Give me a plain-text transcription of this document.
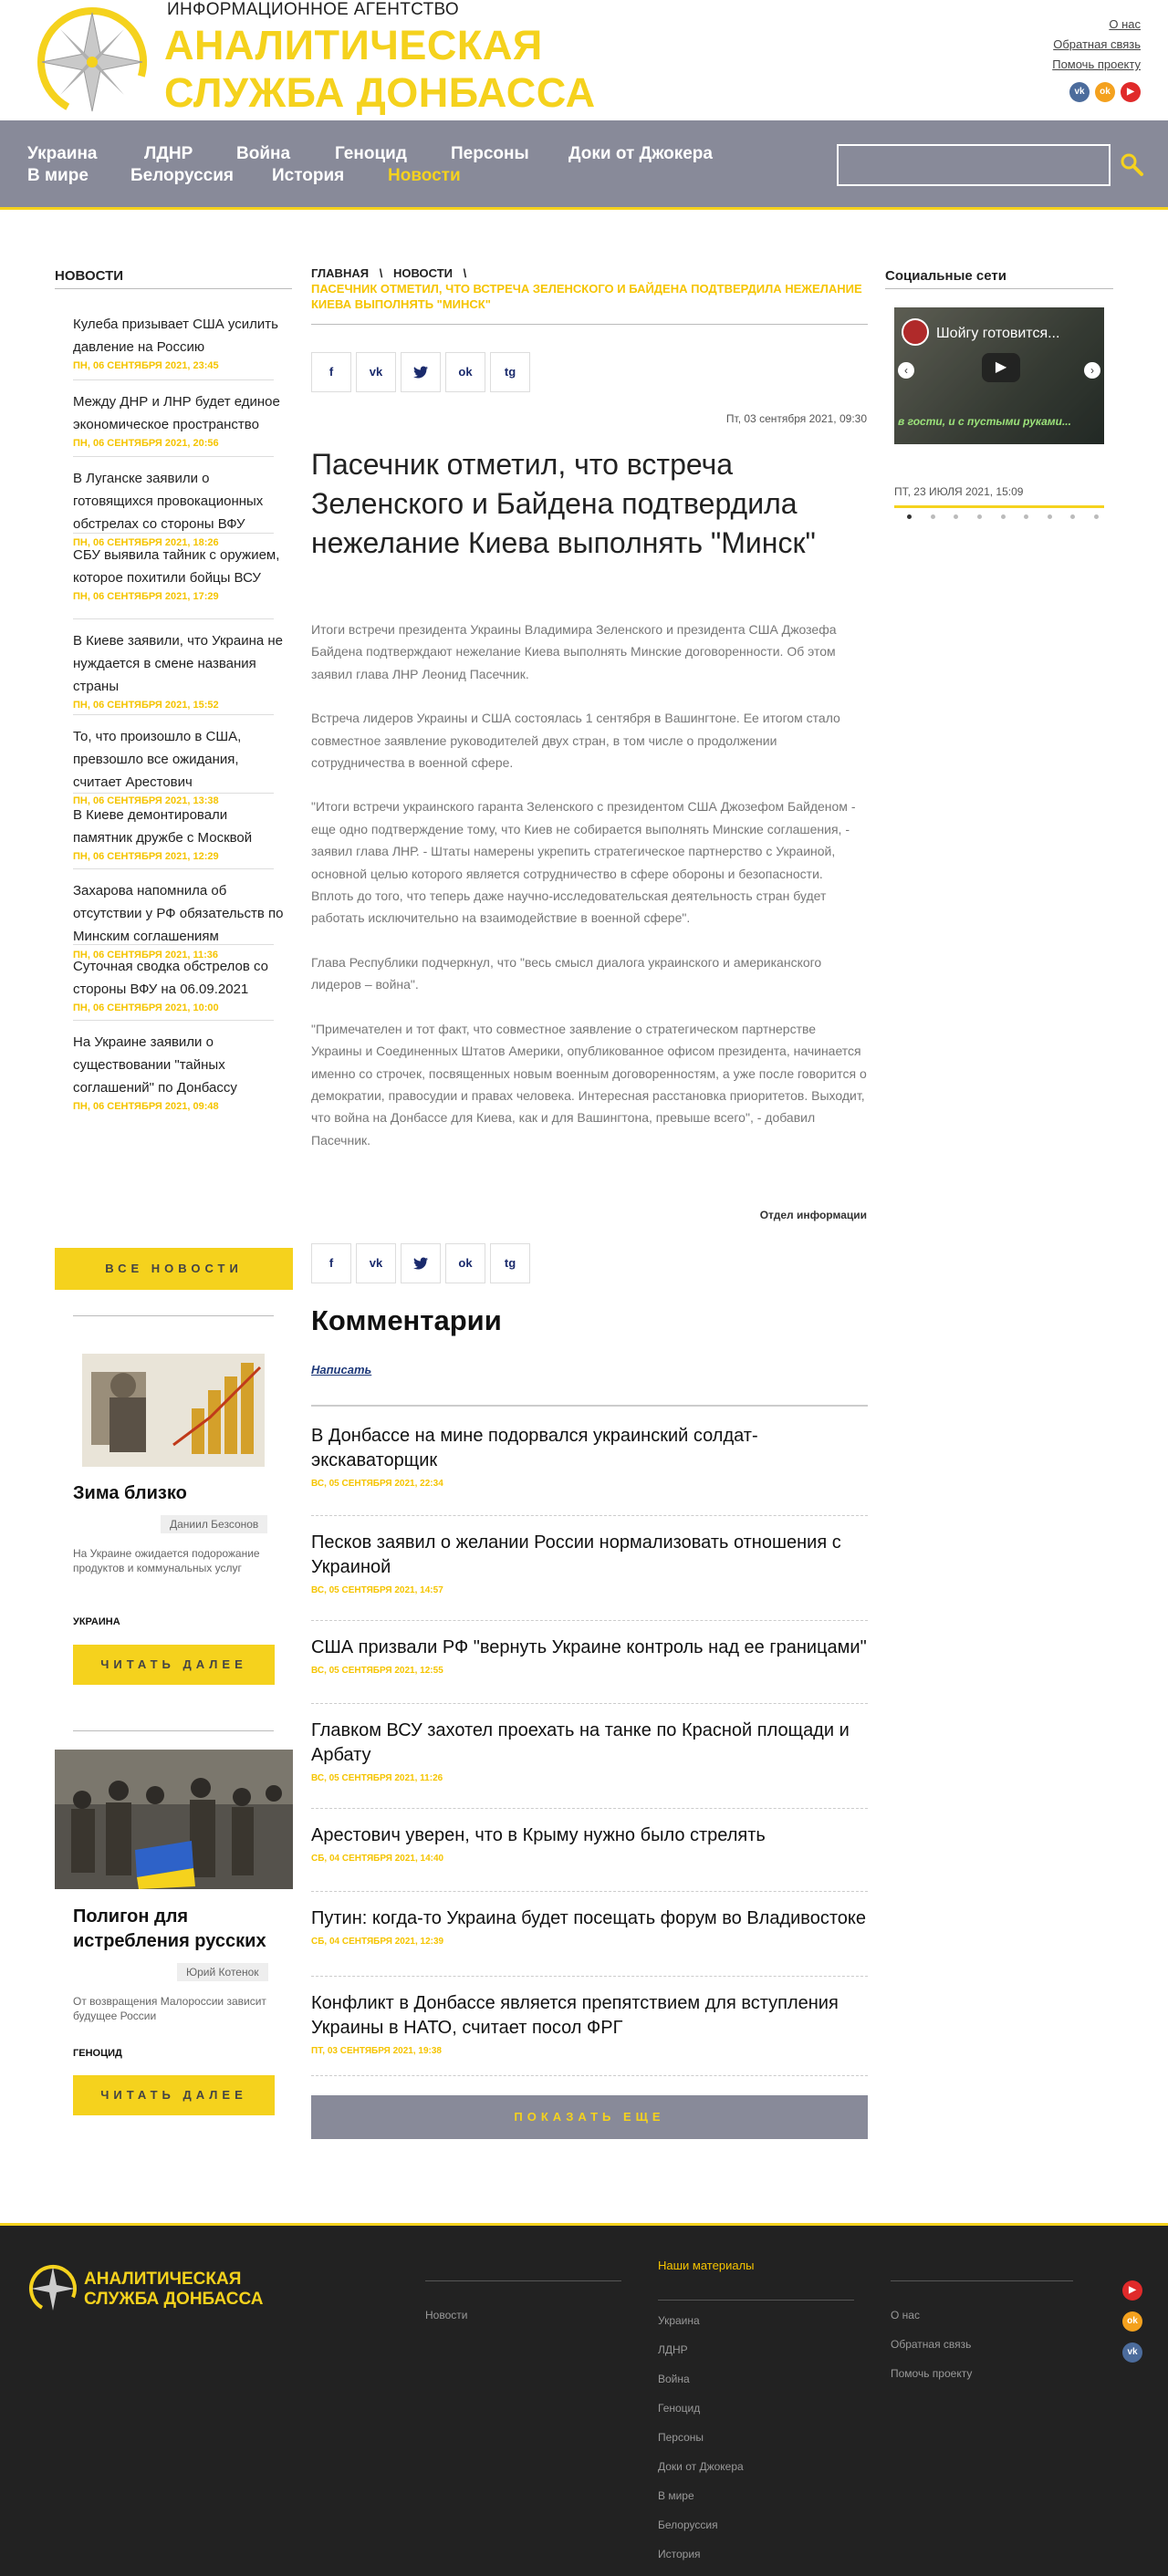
ИНФОРМАЦИОННОЕ АГЕНТСТВО
АНАЛИТИЧЕСКАЯ
СЛУЖБА ДОНБАССА
О нас
Обратная связь
Помочь проекту
vk ok ▶
Украина	ЛДНР	Война	Геноцид	Персоны Доки от Джокера
В мире Белоруссия История	Новости
НОВОСТИ
Кулеба призывает США усилить давление на Россию
ПН, 06 СЕНТЯБРЯ 2021, 23:45
Между ДНР и ЛНР будет единое экономическое пространство
ПН, 06 СЕНТЯБРЯ 2021, 20:56
В Луганске заявили о готовящихся провокационных обстрелах со стороны ВФУ
ПН, 06 СЕНТЯБРЯ 2021, 18:26
СБУ выявила тайник с оружием, которое похитили бойцы ВСУ
ПН, 06 СЕНТЯБРЯ 2021, 17:29
В Киеве заявили, что Украина не нуждается в смене названия страны
ПН, 06 СЕНТЯБРЯ 2021, 15:52
То, что произошло в США, превзошло все ожидания, считает Арестович
ПН, 06 СЕНТЯБРЯ 2021, 13:38
В Киеве демонтировали памятник дружбе с Москвой
ПН, 06 СЕНТЯБРЯ 2021, 12:29
Захарова напомнила об отсутствии у РФ обязательств по Минским соглашениям
ПН, 06 СЕНТЯБРЯ 2021, 11:36
Суточная сводка обстрелов со стороны ВФУ на 06.09.2021
ПН, 06 СЕНТЯБРЯ 2021, 10:00
На Украине заявили о существовании "тайных соглашений" по Донбассу
ПН, 06 СЕНТЯБРЯ 2021, 09:48
ВСЕ НОВОСТИ
Зима близко
Даниил Безсонов
На Украине ожидается подорожание продуктов и коммунальных услуг
УКРАИНА
ЧИТАТЬ ДАЛЕЕ
Полигон для истребления русских
Юрий Котенок
От возвращения Малороссии зависит будущее России
ГЕНОЦИД
ЧИТАТЬ ДАЛЕЕ
ГЛАВНАЯ \ НОВОСТИ \
ПАСЕЧНИК ОТМЕТИЛ, ЧТО ВСТРЕЧА ЗЕЛЕНСКОГО И БАЙДЕНА ПОДТВЕРДИЛА НЕЖЕЛАНИЕ КИЕВА ВЫПОЛНЯТЬ "МИНСК"
f	vk	ok	tg
Пт, 03 сентября 2021, 09:30
Пасечник отметил, что встреча Зеленского и Байдена подтвердила нежелание Киева выполнять "Минск"

Итоги встречи президента Украины Владимира Зеленского и президента США Джозефа Байдена подтверждают нежелание Киева выполнять Минские договоренности. Об этом заявил глава ЛНР Леонид Пасечник.

Встреча лидеров Украины и США состоялась 1 сентября в Вашингтоне. Ее итогом стало совместное заявление руководителей двух стран, в том числе о продолжении сотрудничества в военной сфере.

"Итоги встречи украинского гаранта Зеленского с президентом США Джозефом Байденом - еще одно подтверждение тому, что Киев не собирается выполнять Минские соглашения, - заявил глава ЛНР. - Штаты намерены укрепить стратегическое партнерство с Украиной, основной целью которого является сотрудничество в сфере обороны и безопасности. Вплоть до того, что теперь даже научно-исследовательская деятельность стран будет работать исключительно на взаимодействие в военной сфере".

Глава Республики подчеркнул, что "весь смысл диалога украинского и американского лидеров – война".

"Примечателен и тот факт, что совместное заявление о стратегическом партнерстве Украины и Соединенных Штатов Америки, опубликованное офисом президента, начинается именно со строчек, посвященных новым военным договоренностям, а уже после говорится о демократии, правосудии и правах человека. Интересная расстановка приоритетов. Выходит, что война на Донбассе для Киева, как и для Вашингтона, превыше всего", - добавил Пасечник.

Отдел информации
f	vk	ok	tg
Комментарии
Написать
В Донбассе на мине подорвался украинский солдат-экскаваторщик
ВС, 05 СЕНТЯБРЯ 2021, 22:34
Песков заявил о желании России нормализовать отношения с Украиной
ВС, 05 СЕНТЯБРЯ 2021, 14:57
США призвали РФ "вернуть Украине контроль над ее границами"
ВС, 05 СЕНТЯБРЯ 2021, 12:55
Главком ВСУ захотел проехать на танке по Красной площади и Арбату
ВС, 05 СЕНТЯБРЯ 2021, 11:26
Арестович уверен, что в Крыму нужно было стрелять
СБ, 04 СЕНТЯБРЯ 2021, 14:40
Путин: когда-то Украина будет посещать форум во Владивостоке
СБ, 04 СЕНТЯБРЯ 2021, 12:39
Конфликт в Донбассе является препятствием для вступления Украины в НАТО, считает посол ФРГ
ПТ, 03 СЕНТЯБРЯ 2021, 19:38
ПОКАЗАТЬ ЕЩЕ
Социальные сети
Шойгу готовится...
▶
‹	›
в гости, и с пустыми руками...
ПТ, 23 ИЮЛЯ 2021, 15:09
АНАЛИТИЧЕСКАЯ
СЛУЖБА ДОНБАССА
Новости
Наши материалы
Украина
ЛДНР
Война
Геноцид
Персоны
Доки от Джокера
В мире
Белоруссия
История
О нас
Обратная связь
Помочь проекту
▶
ok
vk
